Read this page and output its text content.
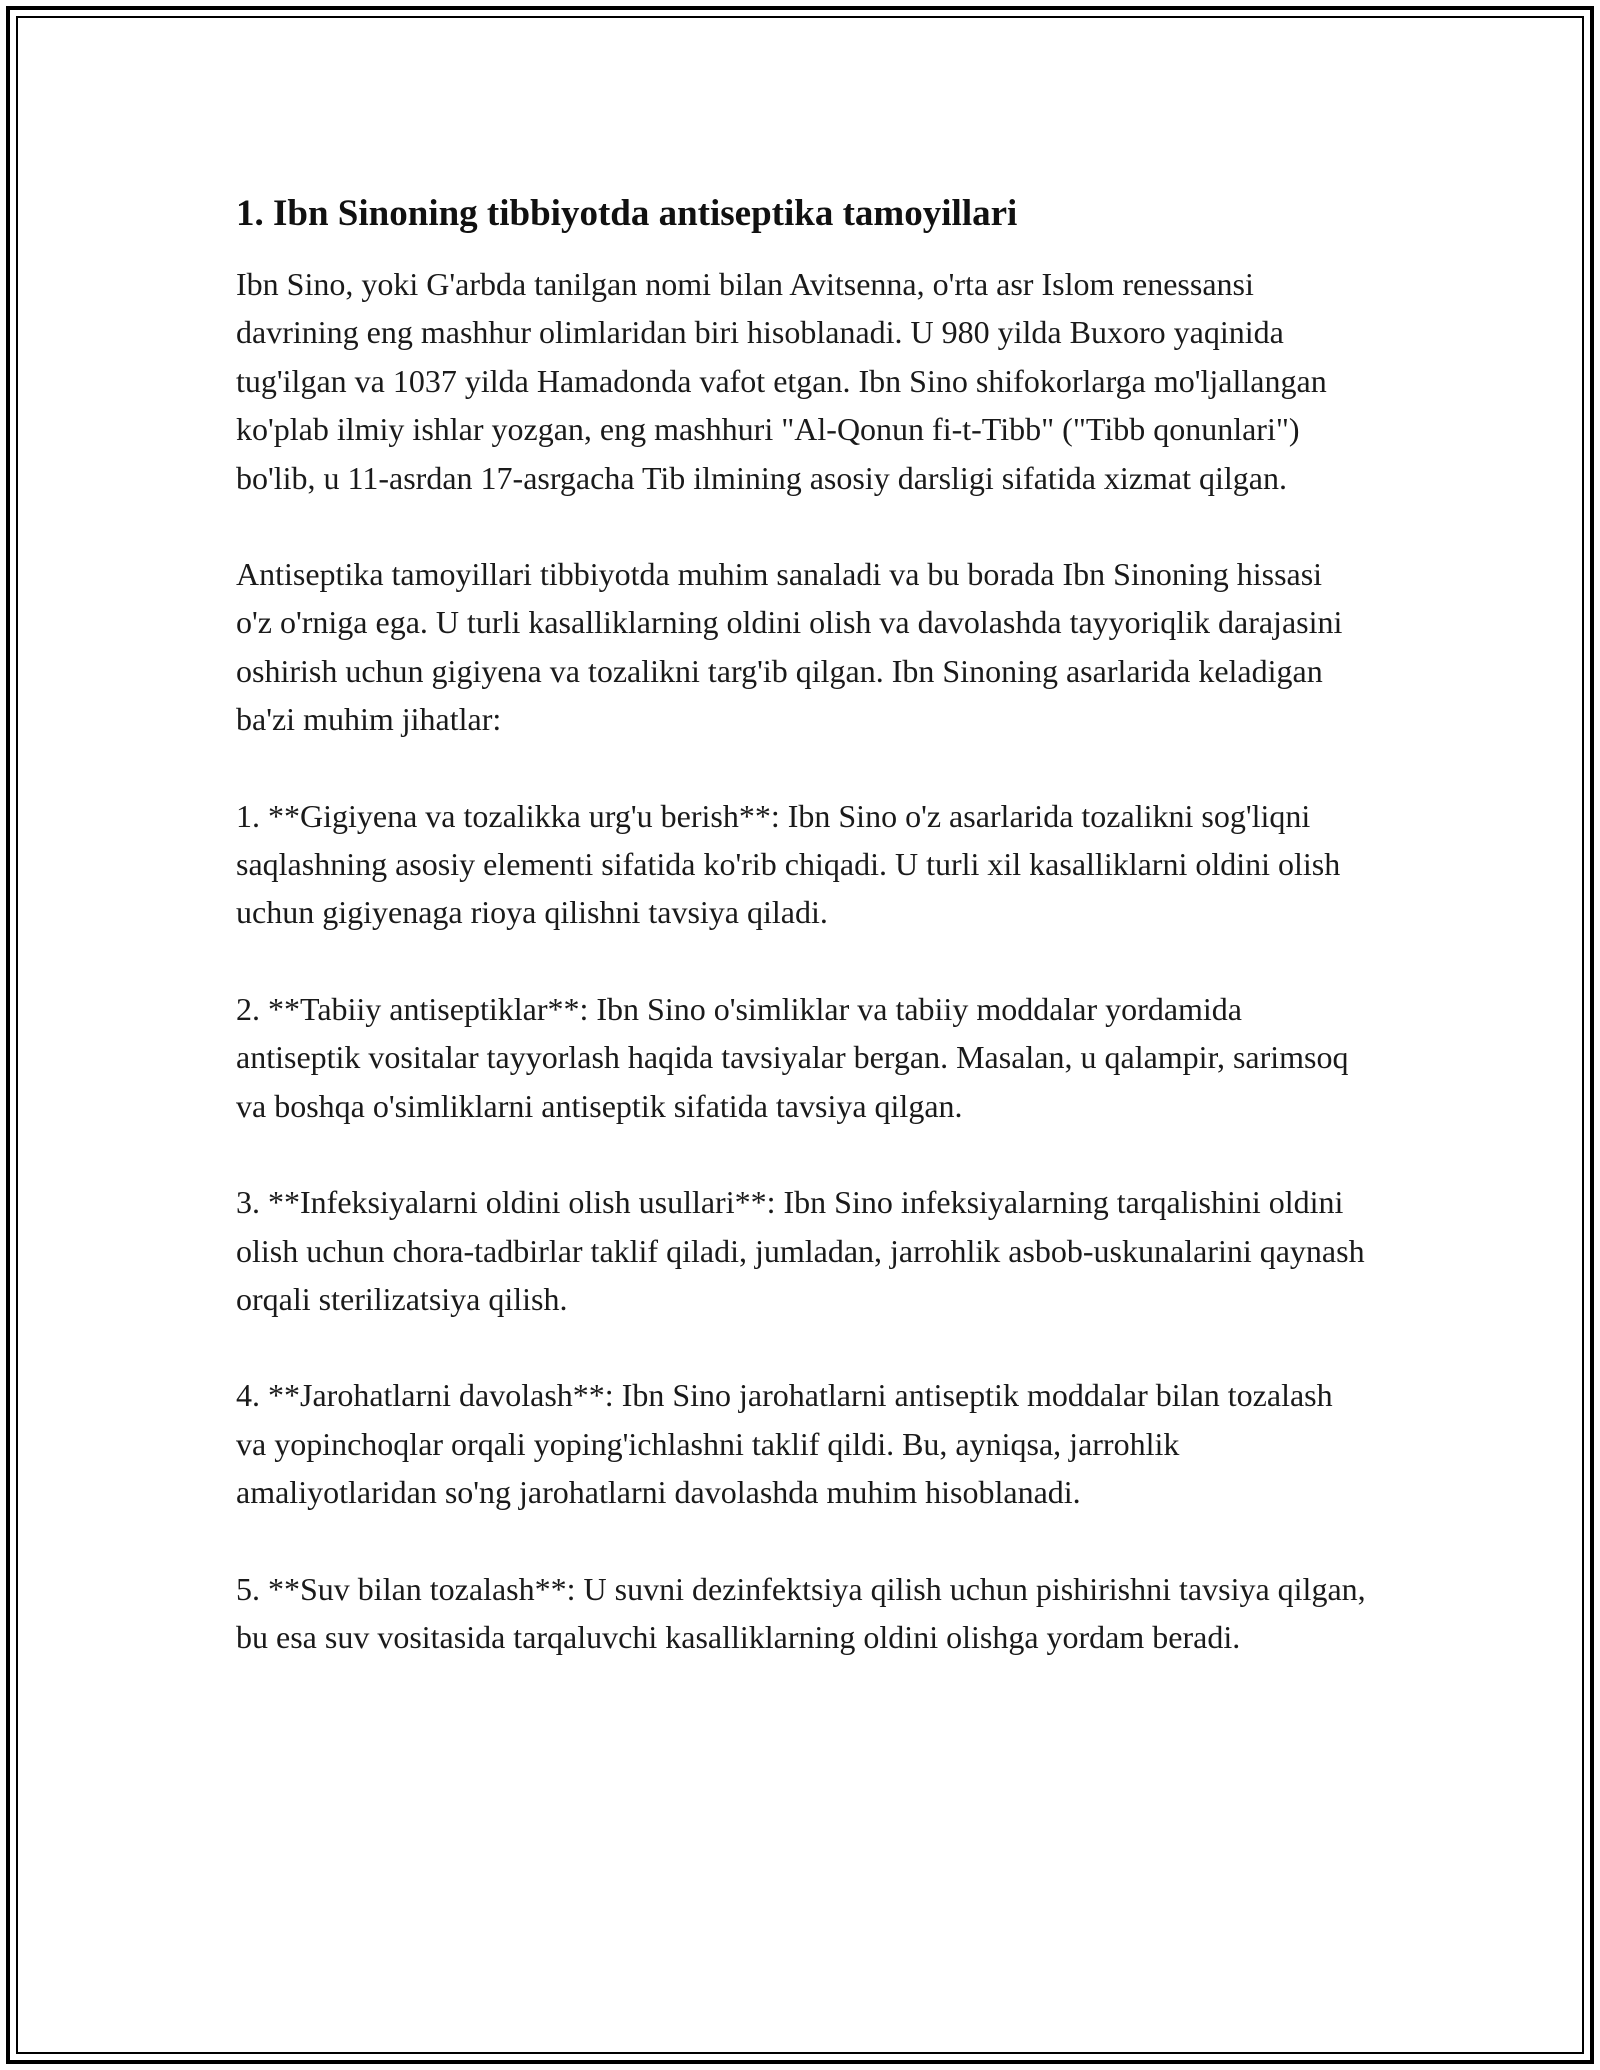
1. Ibn Sinoning tibbiyotda antiseptika tamoyillari

Ibn Sino, yoki G'arbda tanilgan nomi bilan Avitsenna, o'rta asr Islom renessansi davrining eng mashhur olimlaridan biri hisoblanadi. U 980 yilda Buxoro yaqinida tug'ilgan va 1037 yilda Hamadonda vafot etgan. Ibn Sino shifokorlarga mo'ljallangan ko'plab ilmiy ishlar yozgan, eng mashhuri "Al-Qonun fi-t-Tibb" ("Tibb qonunlari") bo'lib, u 11-asrdan 17-asrgacha Tib ilmining asosiy darsligi sifatida xizmat qilgan.

Antiseptika tamoyillari tibbiyotda muhim sanaladi va bu borada Ibn Sinoning hissasi o'z o'rniga ega. U turli kasalliklarning oldini olish va davolashda tayyoriqlik darajasini oshirish uchun gigiyena va tozalikni targ'ib qilgan. Ibn Sinoning asarlarida keladigan ba'zi muhim jihatlar:

1. **Gigiyena va tozalikka urg'u berish**: Ibn Sino o'z asarlarida tozalikni sog'liqni saqlashning asosiy elementi sifatida ko'rib chiqadi. U turli xil kasalliklarni oldini olish uchun gigiyenaga rioya qilishni tavsiya qiladi.

2. **Tabiiy antiseptiklar**: Ibn Sino o'simliklar va tabiiy moddalar yordamida antiseptik vositalar tayyorlash haqida tavsiyalar bergan. Masalan, u qalampir, sarimsoq va boshqa o'simliklarni antiseptik sifatida tavsiya qilgan.

3. **Infeksiyalarni oldini olish usullari**: Ibn Sino infeksiyalarning tarqalishini oldini olish uchun chora-tadbirlar taklif qiladi, jumladan, jarrohlik asbob-uskunalarini qaynash orqali sterilizatsiya qilish.

4. **Jarohatlarni davolash**: Ibn Sino jarohatlarni antiseptik moddalar bilan tozalash va yopinchoqlar orqali yoping'ichlashni taklif qildi. Bu, ayniqsa, jarrohlik amaliyotlaridan so'ng jarohatlarni davolashda muhim hisoblanadi.

5. **Suv bilan tozalash**: U suvni dezinfektsiya qilish uchun pishirishni tavsiya qilgan, bu esa suv vositasida tarqaluvchi kasalliklarning oldini olishga yordam beradi.
